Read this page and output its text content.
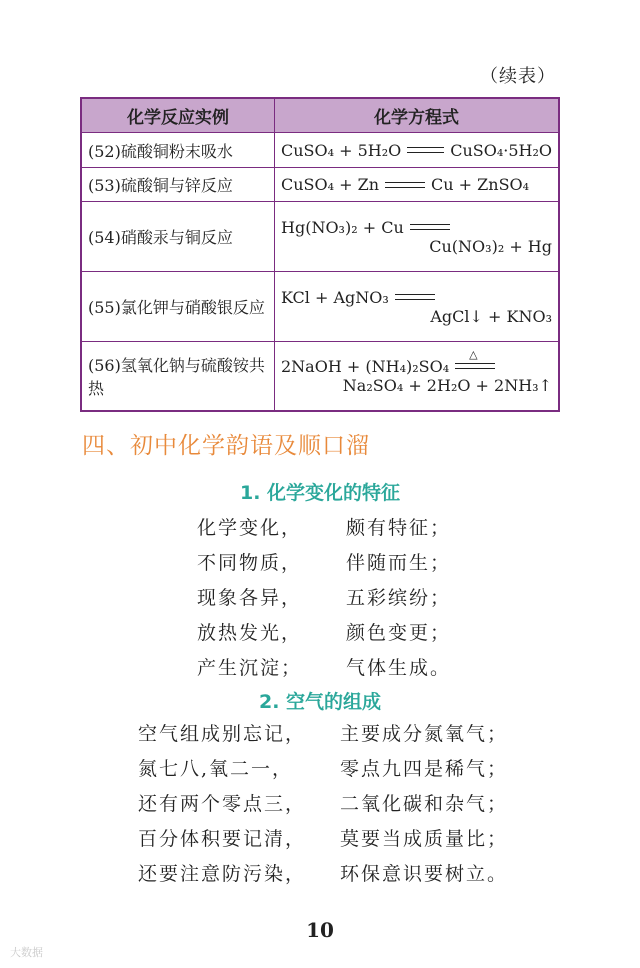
（续表）
化学反应实例	化学方程式
(52)硫酸铜粉末吸水	CuSO₄ + 5H₂O CuSO₄·5H₂O

(53)硫酸铜与锌反应	CuSO₄ + Zn Cu + ZnSO₄

(54)硝酸汞与铜反应	Hg(NO₃)₂ + Cu
Cu(NO₃)₂ + Hg

(55)氯化钾与硝酸银反应	KCl + AgNO₃
AgCl↓ + KNO₃

(56)氢氧化钠与硫酸铵共热	2NaOH + (NH₄)₂SO₄
△
Na₂SO₄ + 2H₂O + 2NH₃↑
四、初中化学韵语及顺口溜
1. 化学变化的特征
化学变化， 颇有特征；
不同物质， 伴随而生；
现象各异， 五彩缤纷；
放热发光， 颜色变更；
产生沉淀； 气体生成。
2. 空气的组成
空气组成别忘记， 主要成分氮氧气；
氮七八,氧二一， 零点九四是稀气；
还有两个零点三， 二氧化碳和杂气；
百分体积要记清， 莫要当成质量比；
还要注意防污染， 环保意识要树立。
10
大数据
